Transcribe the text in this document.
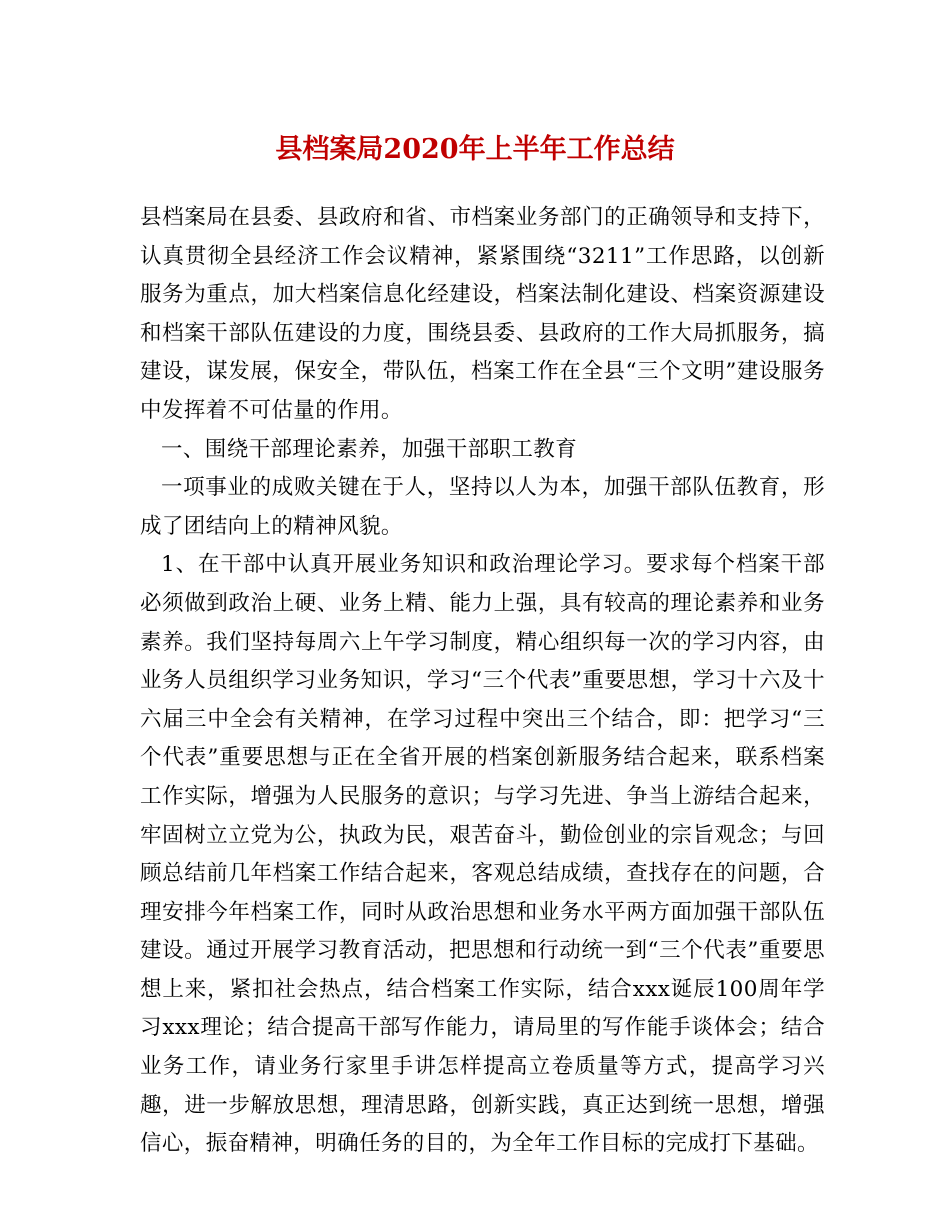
县档案局2020年上半年工作总结

县档案局在县委、县政府和省、市档案业务部门的正确领导和支持下，认真贯彻全县经济工作会议精神，紧紧围绕“3211”工作思路，以创新服务为重点，加大档案信息化经建设，档案法制化建设、档案资源建设和档案干部队伍建设的力度，围绕县委、县政府的工作大局抓服务，搞建设，谋发展，保安全，带队伍，档案工作在全县“三个文明”建设服务中发挥着不可估量的作用。

一、围绕干部理论素养，加强干部职工教育

一项事业的成败关键在于人，坚持以人为本，加强干部队伍教育，形成了团结向上的精神风貌。

1、在干部中认真开展业务知识和政治理论学习。要求每个档案干部必须做到政治上硬、业务上精、能力上强，具有较高的理论素养和业务素养。我们坚持每周六上午学习制度，精心组织每一次的学习内容，由业务人员组织学习业务知识，学习“三个代表”重要思想，学习十六及十六届三中全会有关精神，在学习过程中突出三个结合，即：把学习“三个代表”重要思想与正在全省开展的档案创新服务结合起来，联系档案工作实际，增强为人民服务的意识；与学习先进、争当上游结合起来，牢固树立立党为公，执政为民，艰苦奋斗，勤俭创业的宗旨观念；与回顾总结前几年档案工作结合起来，客观总结成绩，查找存在的问题，合理安排今年档案工作，同时从政治思想和业务水平两方面加强干部队伍建设。通过开展学习教育活动，把思想和行动统一到“三个代表”重要思想上来，紧扣社会热点，结合档案工作实际，结合xxx诞辰100周年学习xxx理论；结合提高干部写作能力，请局里的写作能手谈体会；结合业务工作，请业务行家里手讲怎样提高立卷质量等方式，提高学习兴趣，进一步解放思想，理清思路，创新实践，真正达到统一思想，增强信心，振奋精神，明确任务的目的，为全年工作目标的完成打下基础。
